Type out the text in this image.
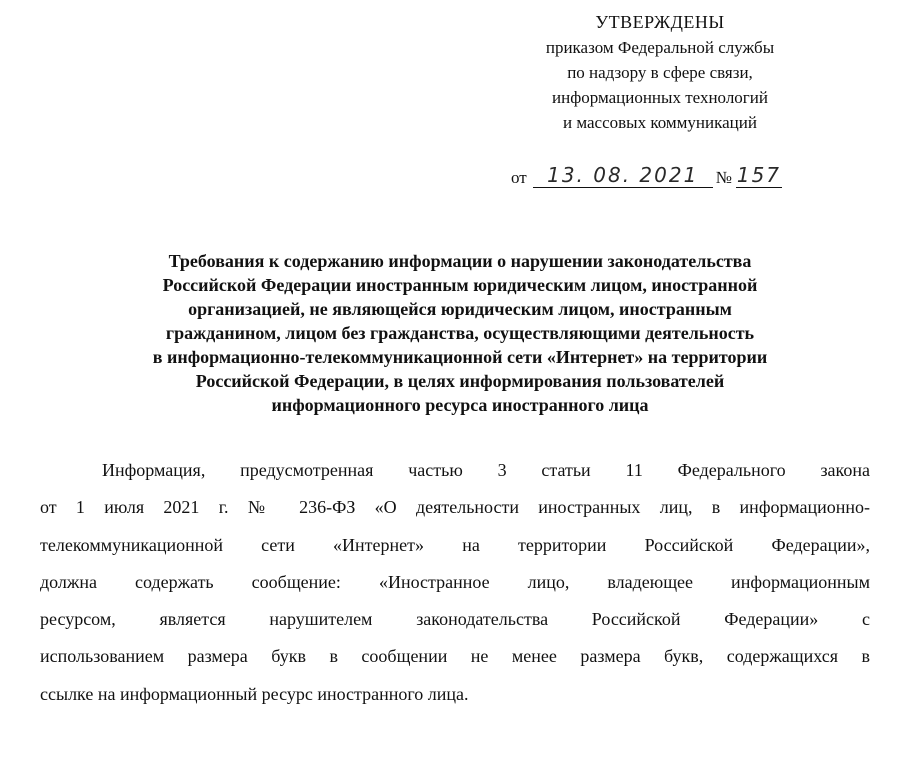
УТВЕРЖДЕНЫ
приказом Федеральной службы
по надзору в сфере связи,
информационных технологий
и массовых коммуникаций
от 13. 08. 2021 № 157
Требования к содержанию информации о нарушении законодательства
Российской Федерации иностранным юридическим лицом, иностранной
организацией, не являющейся юридическим лицом, иностранным
гражданином, лицом без гражданства, осуществляющими деятельность
в информационно-телекоммуникационной сети «Интернет» на территории
Российской Федерации, в целях информирования пользователей
информационного ресурса иностранного лица
Информация, предусмотренная частью 3 статьи 11 Федерального закона
от 1 июля 2021 г. № 236-ФЗ «О деятельности иностранных лиц, в информационно-
телекоммуникационной сети «Интернет» на территории Российской Федерации»,
должна содержать сообщение: «Иностранное лицо, владеющее информационным
ресурсом, является нарушителем законодательства Российской Федерации» с
использованием размера букв в сообщении не менее размера букв, содержащихся в
ссылке на информационный ресурс иностранного лица.
